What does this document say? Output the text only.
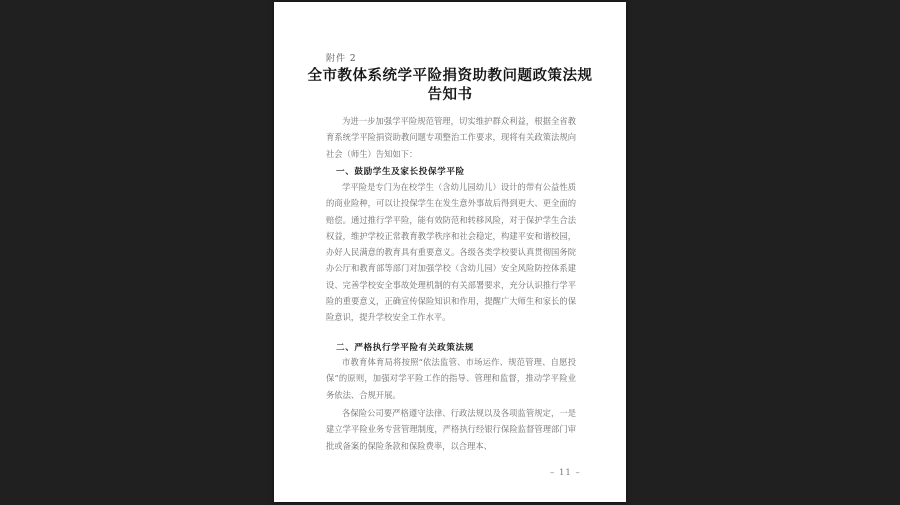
附件 2
全市教体系统学平险捐资助教问题政策法规
告知书
为进一步加强学平险规范管理，切实维护群众利益，根据全省教育系统学平险捐资助教问题专项整治工作要求，现将有关政策法规向社会（师生）告知如下：
一、鼓励学生及家长投保学平险
学平险是专门为在校学生（含幼儿园幼儿）设计的带有公益性质的商业险种，可以让投保学生在发生意外事故后得到更大、更全面的赔偿。通过推行学平险，能有效防范和转移风险，对于保护学生合法权益，维护学校正常教育教学秩序和社会稳定，构建平安和谐校园，办好人民满意的教育具有重要意义。各级各类学校要认真贯彻国务院办公厅和教育部等部门对加强学校（含幼儿园）安全风险防控体系建设、完善学校安全事故处理机制的有关部署要求，充分认识推行学平险的重要意义，正确宣传保险知识和作用，提醒广大师生和家长的保险意识，提升学校安全工作水平。
二、严格执行学平险有关政策法规
市教育体育局将按照“依法监管、市场运作、规范管理、自愿投保”的原则，加强对学平险工作的指导、管理和监督，推动学平险业务依法、合规开展。
各保险公司要严格遵守法律、行政法规以及各项监管规定，一是建立学平险业务专营管理制度，严格执行经银行保险监督管理部门审批或备案的保险条款和保险费率，以合理本、
– 11 –
